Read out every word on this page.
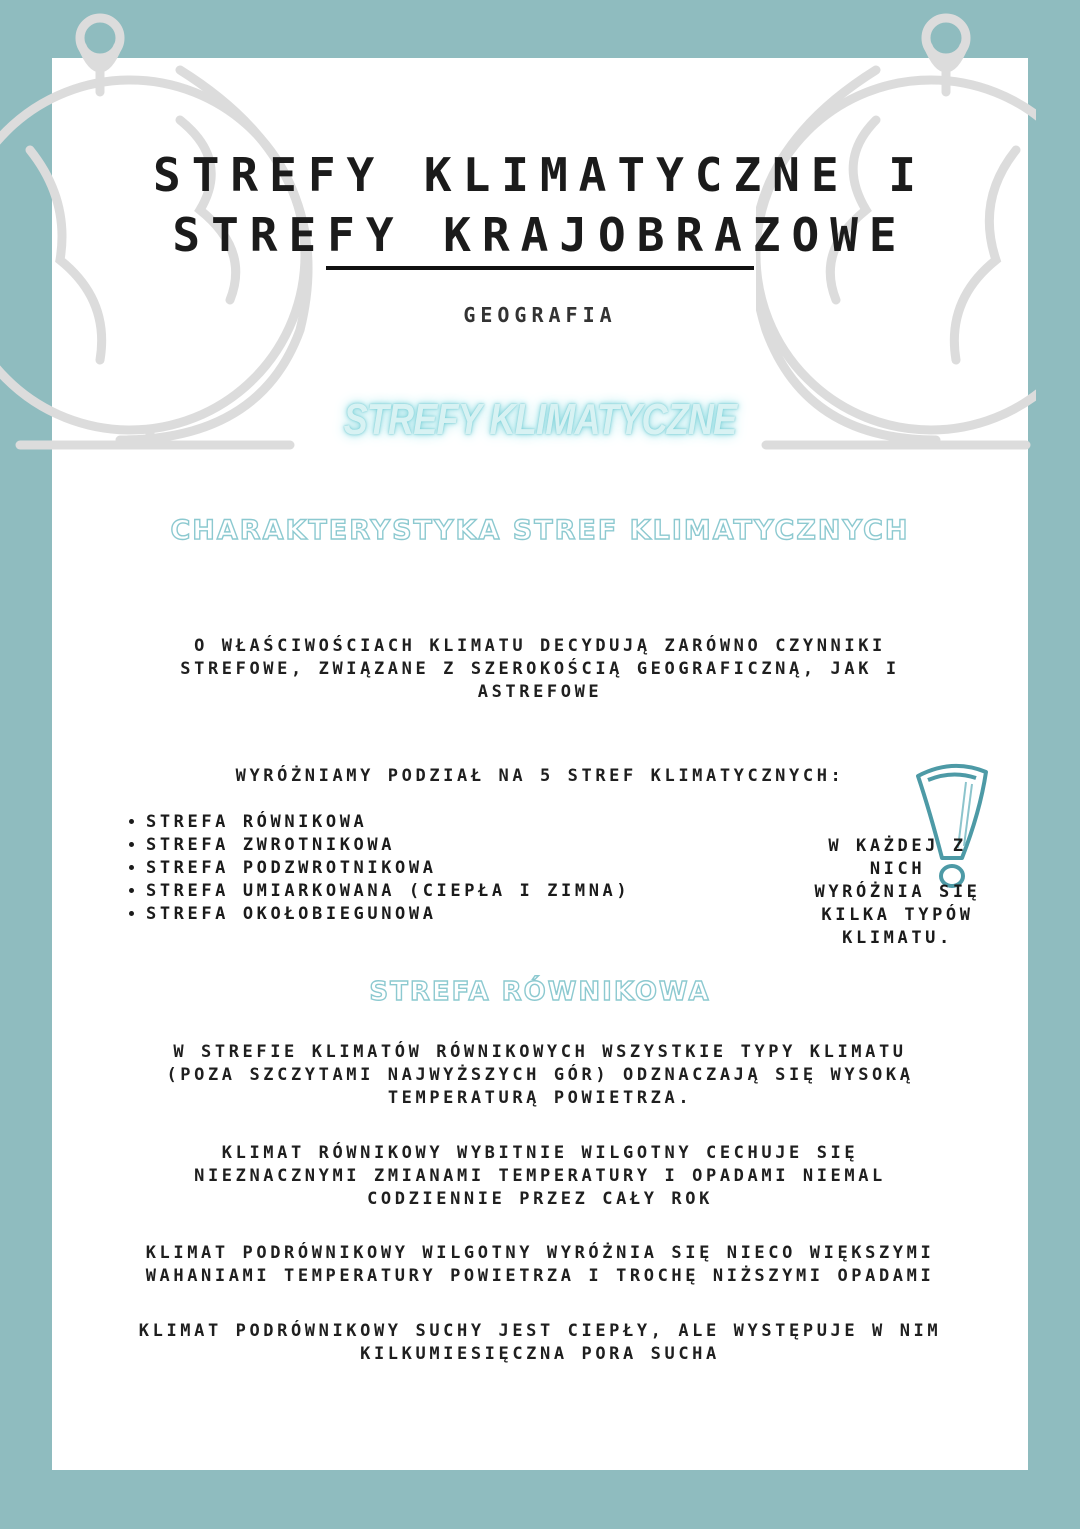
STREFY KLIMATYCZNE I
STREFY KRAJOBRAZOWE
GEOGRAFIA
STREFY KLIMATYCZNE
CHARAKTERYSTYKA STREF KLIMATYCZNYCH
O WŁAŚCIWOŚCIACH KLIMATU DECYDUJĄ ZARÓWNO CZYNNIKI
STREFOWE, ZWIĄZANE Z SZEROKOŚCIĄ GEOGRAFICZNĄ, JAK I
ASTREFOWE
WYRÓŻNIAMY PODZIAŁ NA 5 STREF KLIMATYCZNYCH:
• STREFA RÓWNIKOWA
• STREFA ZWROTNIKOWA
• STREFA PODZWROTNIKOWA
• STREFA UMIARKOWANA (CIEPŁA I ZIMNA)
• STREFA OKOŁOBIEGUNOWA
W KAŻDEJ Z
NICH
WYRÓŻNIA SIĘ
KILKA TYPÓW
KLIMATU.
STREFA RÓWNIKOWA
W STREFIE KLIMATÓW RÓWNIKOWYCH WSZYSTKIE TYPY KLIMATU
(POZA SZCZYTAMI NAJWYŻSZYCH GÓR) ODZNACZAJĄ SIĘ WYSOKĄ
TEMPERATURĄ POWIETRZA.
KLIMAT RÓWNIKOWY WYBITNIE WILGOTNY CECHUJE SIĘ
NIEZNACZNYMI ZMIANAMI TEMPERATURY I OPADAMI NIEMAL
CODZIENNIE PRZEZ CAŁY ROK
KLIMAT PODRÓWNIKOWY WILGOTNY WYRÓŻNIA SIĘ NIECO WIĘKSZYMI
WAHANIAMI TEMPERATURY POWIETRZA I TROCHĘ NIŻSZYMI OPADAMI
KLIMAT PODRÓWNIKOWY SUCHY JEST CIEPŁY, ALE WYSTĘPUJE W NIM
KILKUMIESIĘCZNA PORA SUCHA
